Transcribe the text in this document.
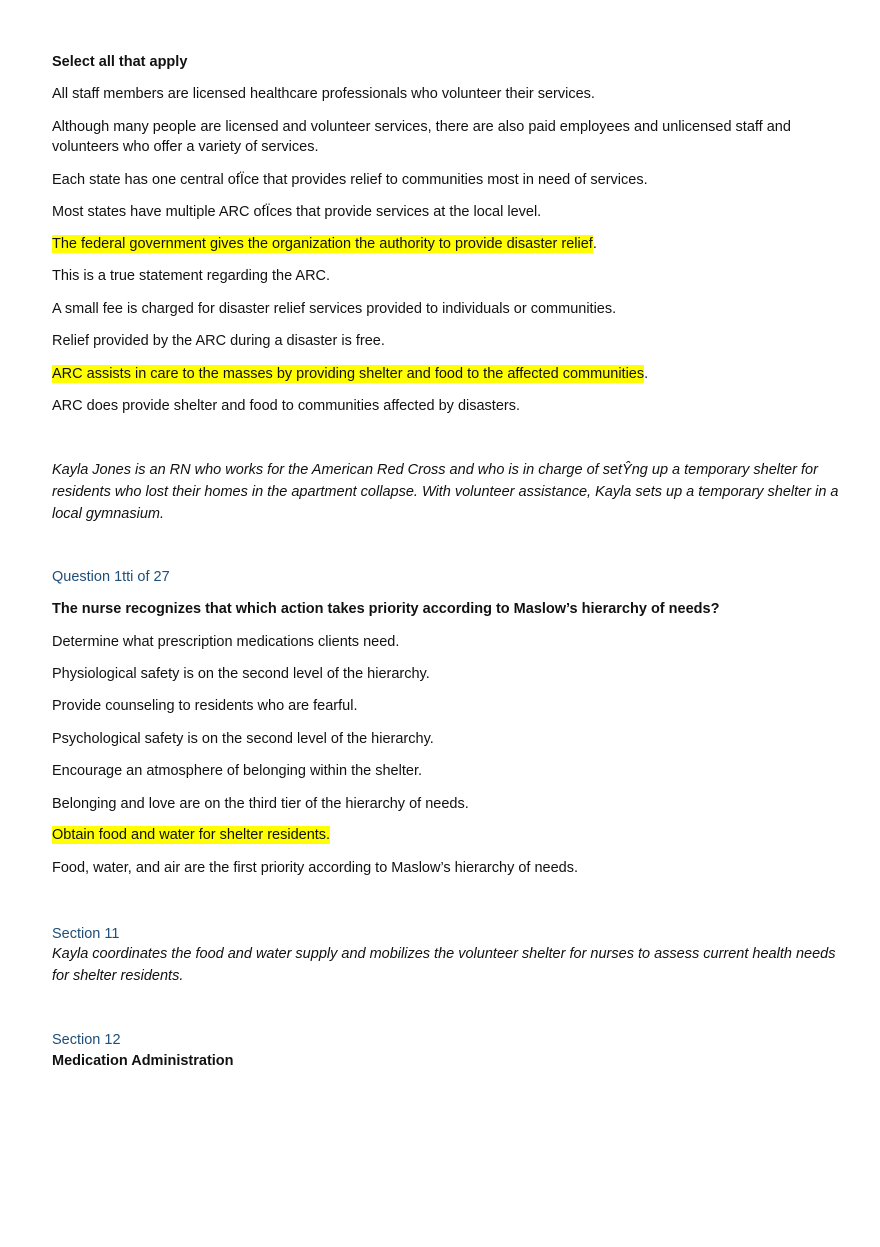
Select all that apply
All staff members are licensed healthcare professionals who volunteer their services.
Although many people are licensed and volunteer services, there are also paid employees and unlicensed staff and volunteers who offer a variety of services.
Each state has one central ofÏce that provides relief to communities most in need of services.
Most states have multiple ARC ofÏces that provide services at the local level.
The federal government gives the organization the authority to provide disaster relief.
This is a true statement regarding the ARC.
A small fee is charged for disaster relief services provided to individuals or communities.
Relief provided by the ARC during a disaster is free.
ARC assists in care to the masses by providing shelter and food to the affected communities.
ARC does provide shelter and food to communities affected by disasters.
Kayla Jones is an RN who works for the American Red Cross and who is in charge of setŶng up a temporary shelter for residents who lost their homes in the apartment collapse. With volunteer assistance, Kayla sets up a temporary shelter in a local gymnasium.
Question 1tti of 27
The nurse recognizes that which action takes priority according to Maslow’s hierarchy of needs?
Determine what prescription medications clients need.
Physiological safety is on the second level of the hierarchy.
Provide counseling to residents who are fearful.
Psychological safety is on the second level of the hierarchy.
Encourage an atmosphere of belonging within the shelter.
Belonging and love are on the third tier of the hierarchy of needs.
Obtain food and water for shelter residents.
Food, water, and air are the first priority according to Maslow’s hierarchy of needs.
Section 11
Kayla coordinates the food and water supply and mobilizes the volunteer shelter for nurses to assess current health needs for shelter residents.
Section 12
Medication Administration
